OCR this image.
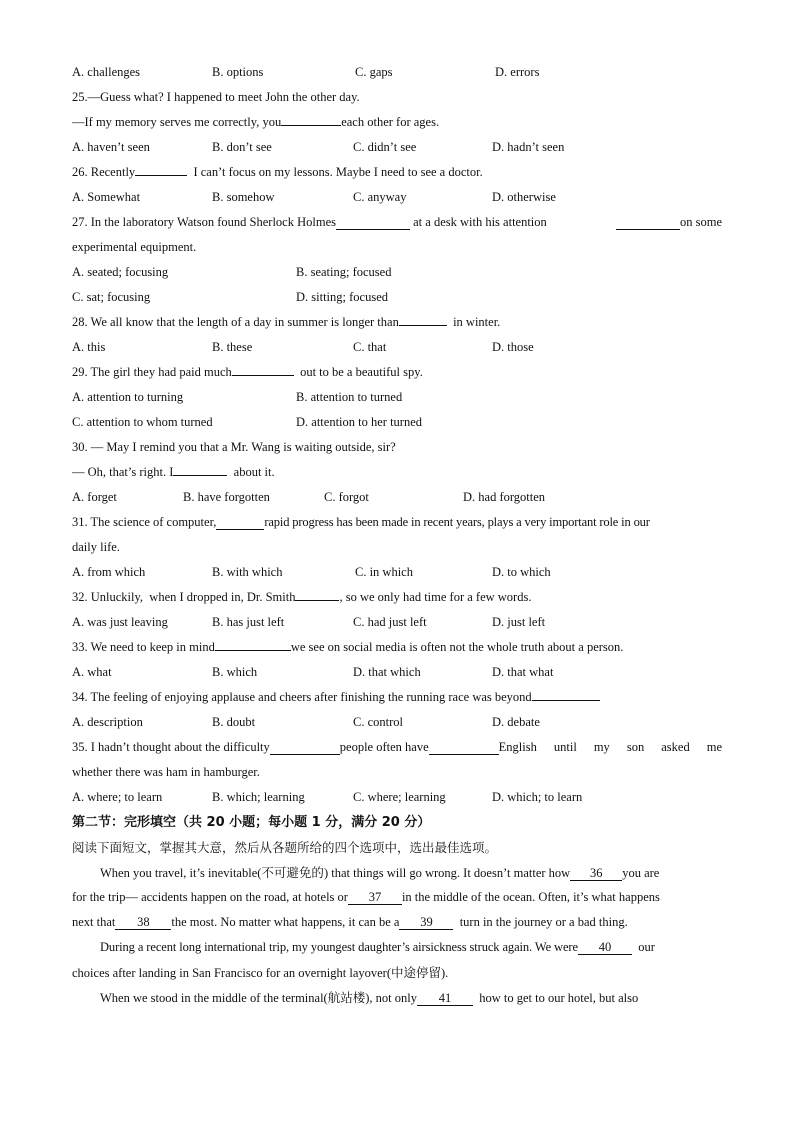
A. challenges	B. options	C. gaps	D. errors
25.—Guess what? I happened to meet John the other day.
—If my memory serves me correctly, you	each other for ages.
A. haven’t seen	B. don’t see	C. didn’t see	D. hadn’t seen
26. Recently	I can’t focus on my lessons. Maybe I need to see a doctor.
A. Somewhat	B. somehow	C. anyway	D. otherwise
27. In the laboratory Watson found Sherlock Holmes	at a desk with his attention	on some
experimental equipment.
A. seated; focusing	B. seating; focused
C. sat; focusing	D. sitting; focused
28. We all know that the length of a day in summer is longer than	in winter.
A. this	B. these	C. that	D. those
29. The girl they had paid much	out to be a beautiful spy.
A. attention to turning	B. attention to turned
C. attention to whom turned	D. attention to her turned
30. — May I remind you that a Mr. Wang is waiting outside, sir?
— Oh, that’s right. I	about it.
A. forget	B. have forgotten	C. forgot	D. had forgotten
31. The science of computer,	rapid progress has been made in recent years, plays a very important role in our
daily life.
A. from which	B. with which	C. in which	D. to which
32. Unluckily,  when I dropped in, Dr. Smith	, so we only had time for a few words.
A. was just leaving	B. has just left	C. had just left	D. just left
33. We need to keep in mind	we see on social media is often not the whole truth about a person.
A. what	B. which	D. that which	D. that what
34. The feeling of enjoying applause and cheers after finishing the running race was beyond
A. description	B. doubt	C. control	D. debate
35. I hadn’t thought about the difficulty	people often have	English until my son asked me
whether there was ham in hamburger.
A. where; to learn	B. which; learning	C. where; learning	D. which; to learn
第二节：完形填空（共 20 小题；每小题 1 分，满分 20 分）
阅读下面短文，掌握其大意，然后从各题所给的四个选项中，选出最佳选项。
When you travel, it’s inevitable(不可避免的) that things will go wrong. It doesn’t matter how 36 you are
for the trip— accidents happen on the road, at hotels or 37 in the middle of the ocean. Often, it’s what happens
next that 38 the most. No matter what happens, it can be a 39  turn in the journey or a bad thing.
During a recent long international trip, my youngest daughter’s airsickness struck again. We were 40  our
choices after landing in San Francisco for an overnight layover(中途停留).
When we stood in the middle of the terminal(航站楼), not only 41  how to get to our hotel, but also
